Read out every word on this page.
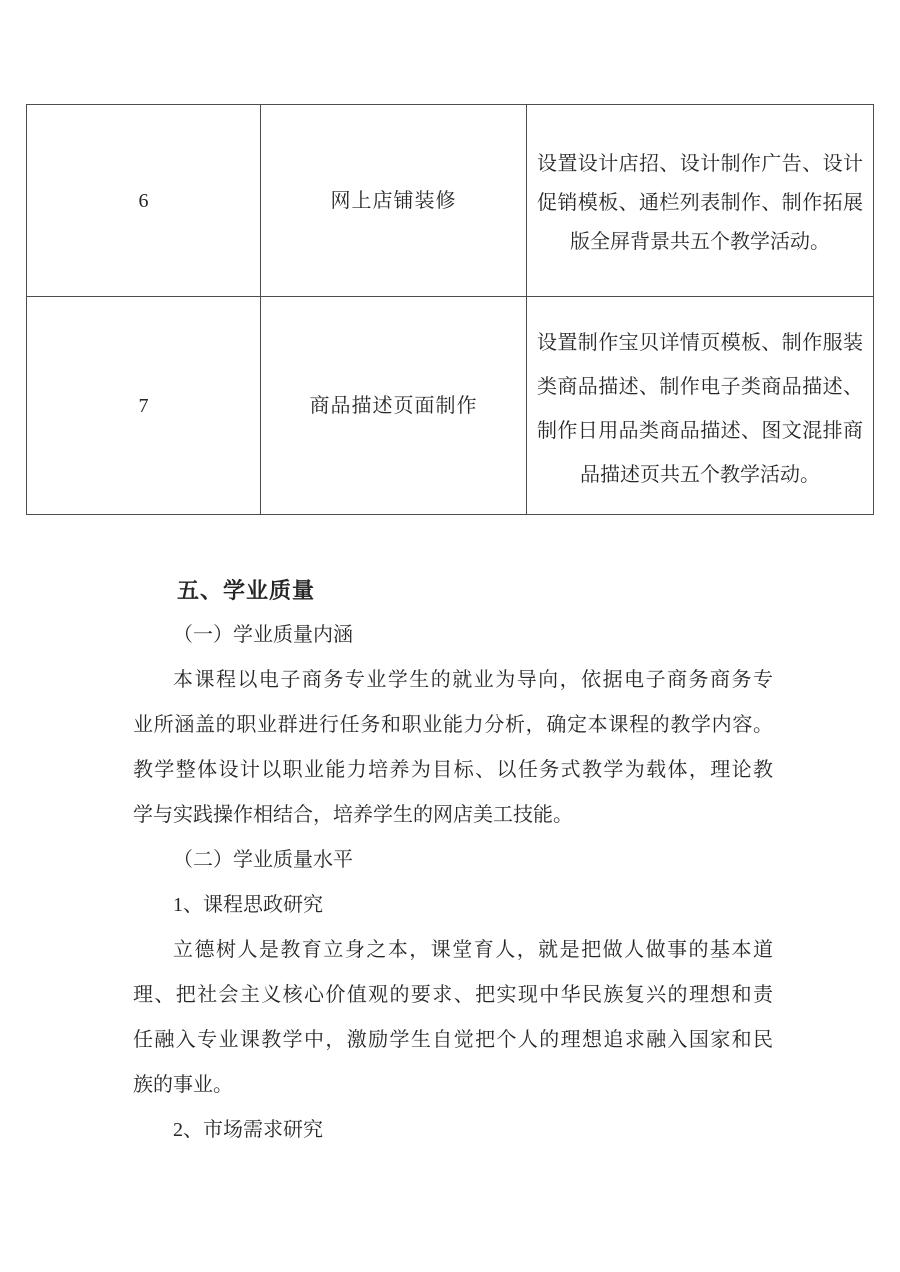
6	网上店铺装修
设置设计店招、设计制作广告、设计
促销模板、通栏列表制作、制作拓展
版全屏背景共五个教学活动。
7	商品描述页面制作
设置制作宝贝详情页模板、制作服装
类商品描述、制作电子类商品描述、
制作日用品类商品描述、图文混排商
品描述页共五个教学活动。
五、学业质量
（一）学业质量内涵
本课程以电子商务专业学生的就业为导向，依据电子商务商务专
业所涵盖的职业群进行任务和职业能力分析，确定本课程的教学内容。
教学整体设计以职业能力培养为目标、以任务式教学为载体，理论教
学与实践操作相结合，培养学生的网店美工技能。
（二）学业质量水平
1、课程思政研究
立德树人是教育立身之本，课堂育人，就是把做人做事的基本道
理、把社会主义核心价值观的要求、把实现中华民族复兴的理想和责
任融入专业课教学中，激励学生自觉把个人的理想追求融入国家和民
族的事业。
2、市场需求研究
